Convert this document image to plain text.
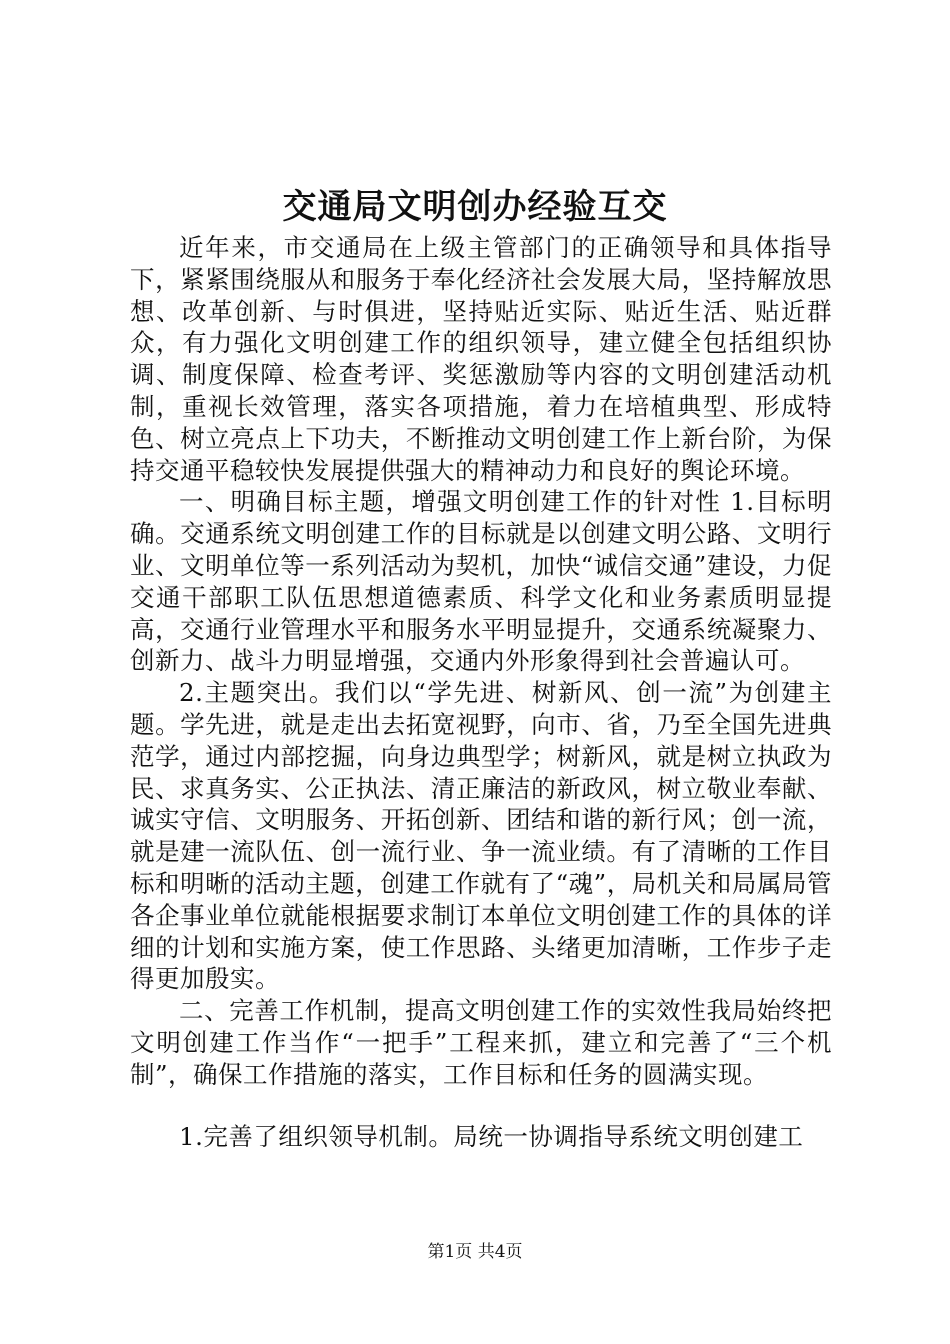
交通局文明创办经验互交

近年来，市交通局在上级主管部门的正确领导和具体指导下，紧紧围绕服从和服务于奉化经济社会发展大局，坚持解放思想、改革创新、与时俱进，坚持贴近实际、贴近生活、贴近群众，有力强化文明创建工作的组织领导，建立健全包括组织协调、制度保障、检查考评、奖惩激励等内容的文明创建活动机制，重视长效管理，落实各项措施，着力在培植典型、形成特色、树立亮点上下功夫，不断推动文明创建工作上新台阶，为保持交通平稳较快发展提供强大的精神动力和良好的舆论环境。

一、明确目标主题，增强文明创建工作的针对性 1.目标明确。交通系统文明创建工作的目标就是以创建文明公路、文明行业、文明单位等一系列活动为契机，加快“诚信交通”建设，力促交通干部职工队伍思想道德素质、科学文化和业务素质明显提高，交通行业管理水平和服务水平明显提升，交通系统凝聚力、创新力、战斗力明显增强，交通内外形象得到社会普遍认可。

2.主题突出。我们以“学先进、树新风、创一流”为创建主题。学先进，就是走出去拓宽视野，向市、省，乃至全国先进典范学，通过内部挖掘，向身边典型学；树新风，就是树立执政为民、求真务实、公正执法、清正廉洁的新政风，树立敬业奉献、诚实守信、文明服务、开拓创新、团结和谐的新行风；创一流，就是建一流队伍、创一流行业、争一流业绩。有了清晰的工作目标和明晰的活动主题，创建工作就有了“魂”，局机关和局属局管各企事业单位就能根据要求制订本单位文明创建工作的具体的详细的计划和实施方案，使工作思路、头绪更加清晰，工作步子走得更加殷实。

二、完善工作机制，提高文明创建工作的实效性我局始终把文明创建工作当作“一把手”工程来抓，建立和完善了“三个机制”，确保工作措施的落实，工作目标和任务的圆满实现。

1.完善了组织领导机制。局统一协调指导系统文明创建工

第1页 共4页
